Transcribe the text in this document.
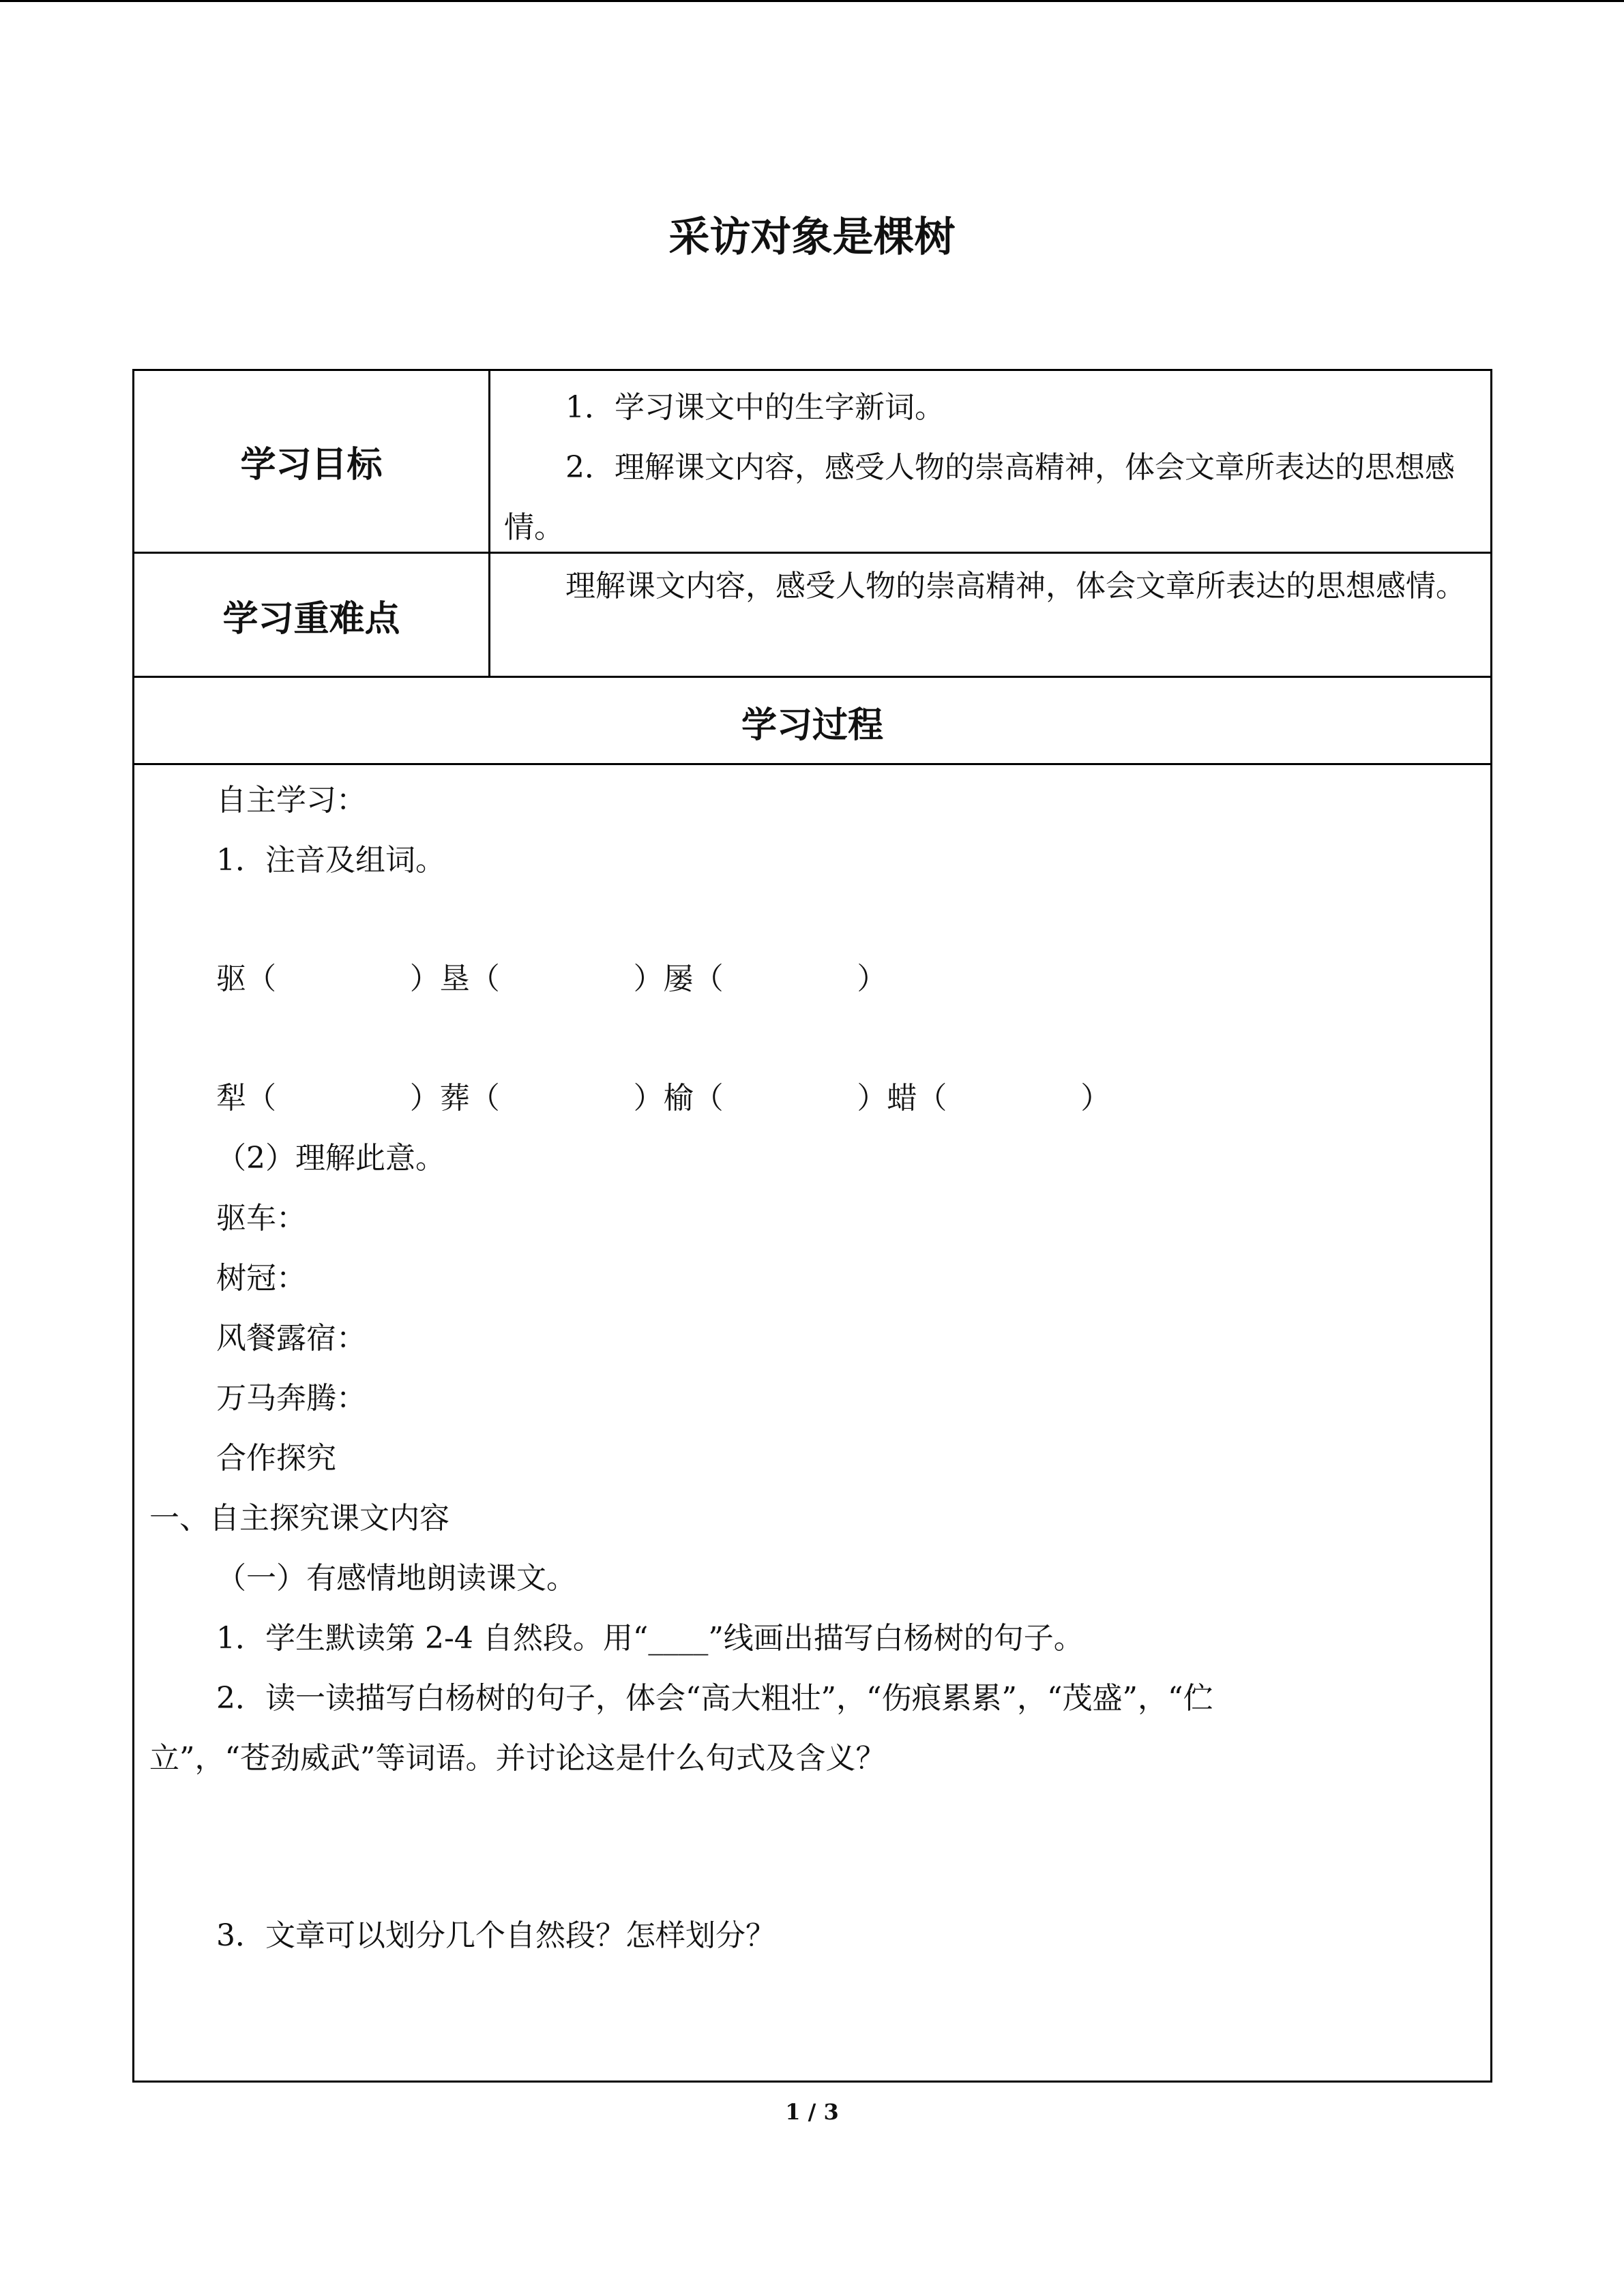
采访对象是棵树
学习目标

1．学习课文中的生字新词。

2．理解课文内容，感受人物的崇高精神，体会文章所表达的思想感情。

学习重难点

理解课文内容，感受人物的崇高精神，体会文章所表达的思想感情。

学习过程
自主学习：
1．注音及组词。
驱（              ）垦（              ）屡（              ）
犁（              ）葬（              ）榆（              ）蜡（              ）
（2）理解此意。
驱车：
树冠：
风餐露宿：
万马奔腾：
合作探究
一、自主探究课文内容
（一）有感情地朗读课文。
1．学生默读第 2-4 自然段。用“____”线画出描写白杨树的句子。
2．读一读描写白杨树的句子，体会“高大粗壮”，“伤痕累累”，“茂盛”，“伫
立”，“苍劲威武”等词语。并讨论这是什么句式及含义？
3．文章可以划分几个自然段？怎样划分？
1 / 3
